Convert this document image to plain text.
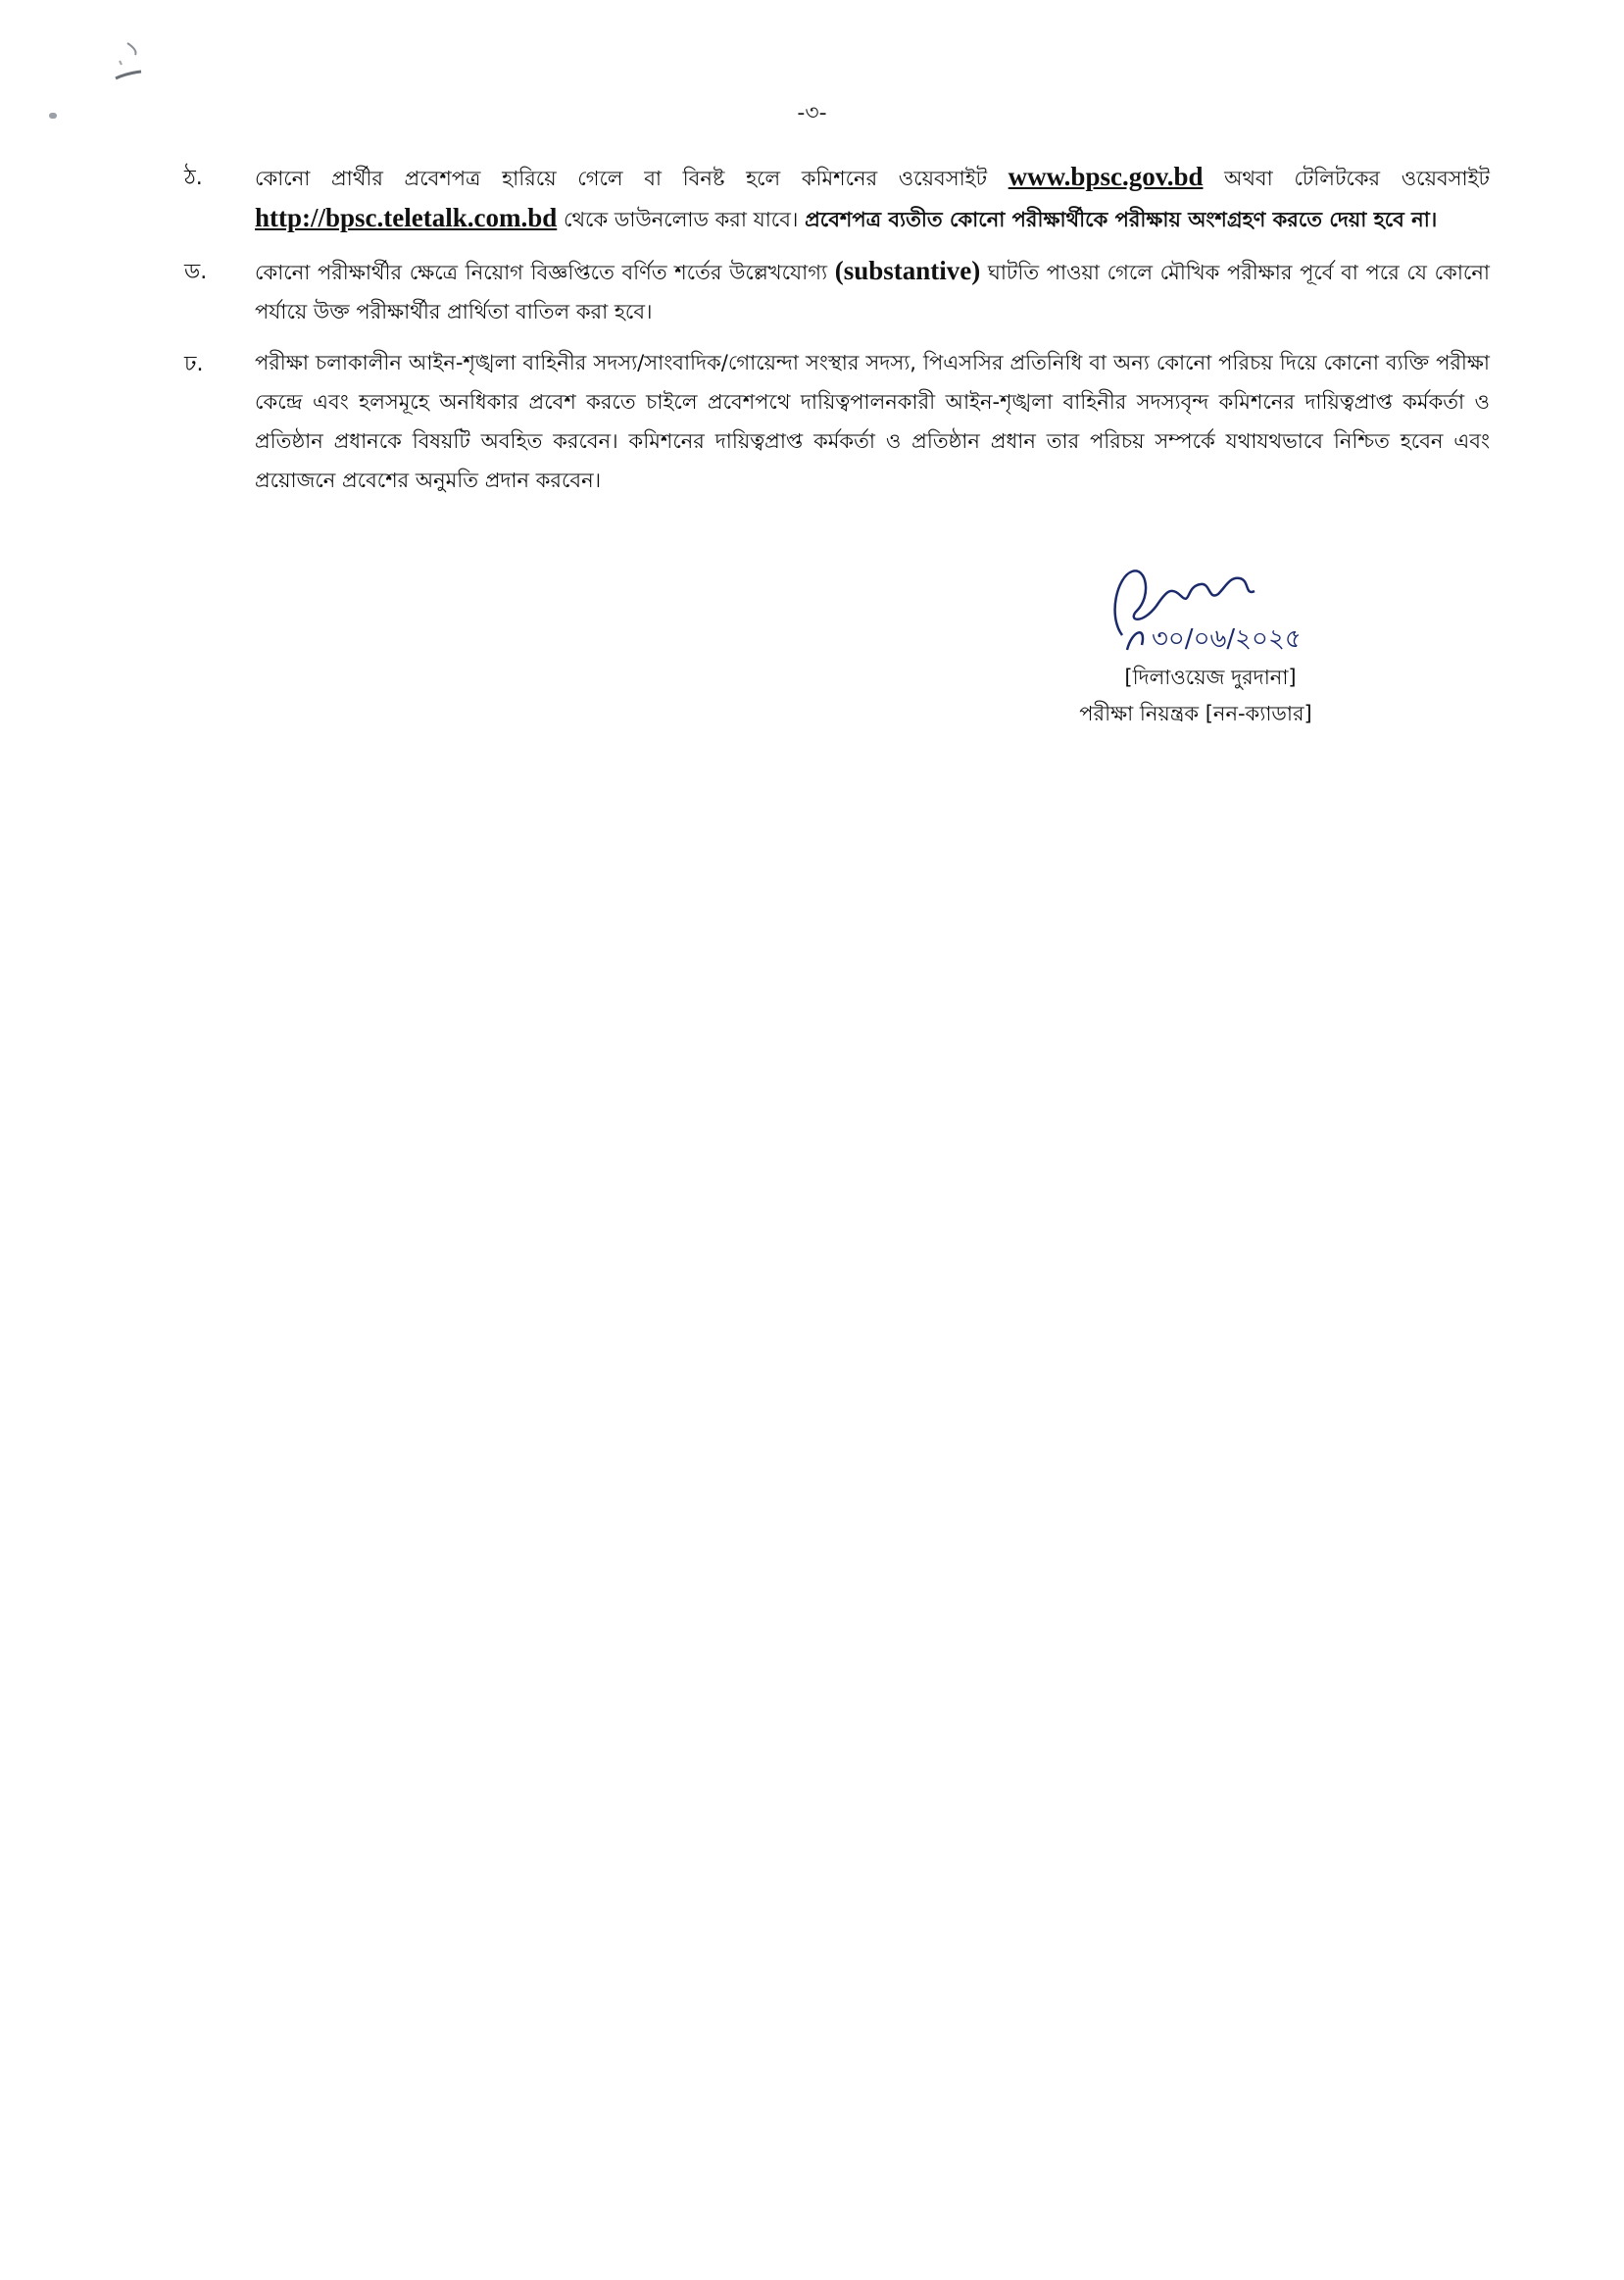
-৩-
ঠ.	কোনো প্রার্থীর প্রবেশপত্র হারিয়ে গেলে বা বিনষ্ট হলে কমিশনের ওয়েবসাইট www.bpsc.gov.bd অথবা টেলিটকের ওয়েবসাইট http://bpsc.teletalk.com.bd থেকে ডাউনলোড করা যাবে। প্রবেশপত্র ব্যতীত কোনো পরীক্ষার্থীকে পরীক্ষায় অংশগ্রহণ করতে দেয়া হবে না।
ড.	কোনো পরীক্ষার্থীর ক্ষেত্রে নিয়োগ বিজ্ঞপ্তিতে বর্ণিত শর্তের উল্লেখযোগ্য (substantive) ঘাটতি পাওয়া গেলে মৌখিক পরীক্ষার পূর্বে বা পরে যে কোনো পর্যায়ে উক্ত পরীক্ষার্থীর প্রার্থিতা বাতিল করা হবে।
ঢ.	পরীক্ষা চলাকালীন আইন-শৃঙ্খলা বাহিনীর সদস্য/সাংবাদিক/গোয়েন্দা সংস্থার সদস্য, পিএসসির প্রতিনিধি বা অন্য কোনো পরিচয় দিয়ে কোনো ব্যক্তি পরীক্ষা কেন্দ্রে এবং হলসমূহে অনধিকার প্রবেশ করতে চাইলে প্রবেশপথে দায়িত্বপালনকারী আইন-শৃঙ্খলা বাহিনীর সদস্যবৃন্দ কমিশনের দায়িত্বপ্রাপ্ত কর্মকর্তা ও প্রতিষ্ঠান প্রধানকে বিষয়টি অবহিত করবেন। কমিশনের দায়িত্বপ্রাপ্ত কর্মকর্তা ও প্রতিষ্ঠান প্রধান তার পরিচয় সম্পর্কে যথাযথভাবে নিশ্চিত হবেন এবং প্রয়োজনে প্রবেশের অনুমতি প্রদান করবেন।
৩০/০৬/২০২৫
[দিলাওয়েজ দুরদানা]
পরীক্ষা নিয়ন্ত্রক [নন-ক্যাডার]
